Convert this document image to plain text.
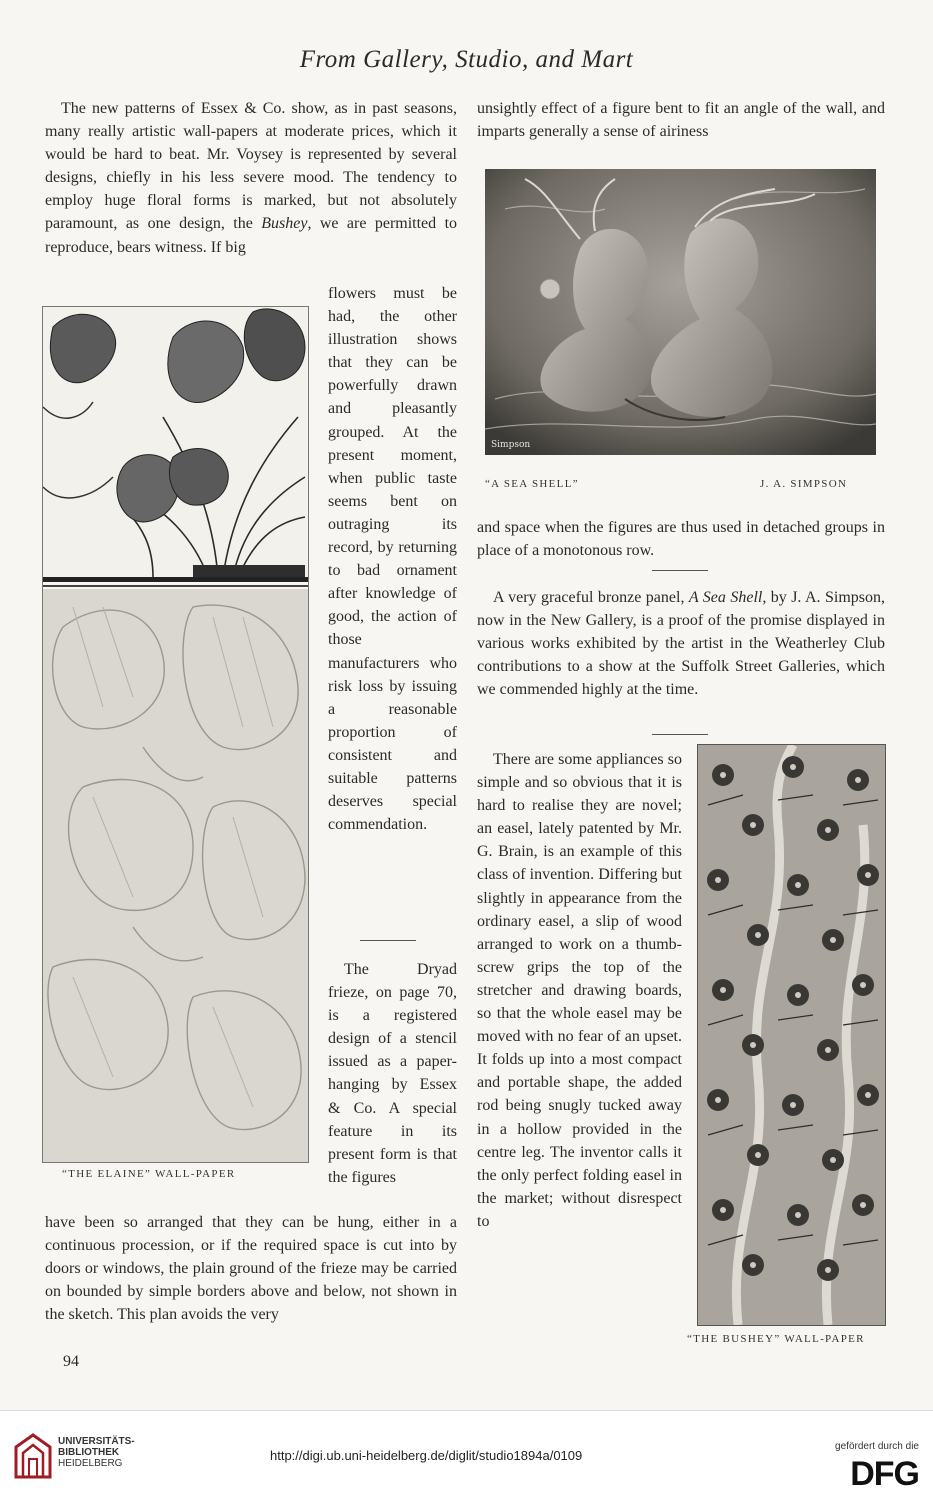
From Gallery, Studio, and Mart

The new patterns of Essex & Co. show, as in past seasons, many really artistic wall-papers at moderate prices, which it would be hard to beat. Mr. Voysey is represented by several designs, chiefly in his less severe mood. The tendency to employ huge floral forms is marked, but not absolutely paramount, as one design, the Bushey, we are permitted to reproduce, bears witness. If big

“THE ELAINE” WALL-PAPER

flowers must be had, the other illustration shows that they can be powerfully drawn and pleasantly grouped. At the present moment, when public taste seems bent on outraging its record, by returning to bad ornament after knowledge of good, the action of those manufacturers who risk loss by issuing a reasonable proportion of consistent and suitable patterns deserves special commendation.

The Dryad frieze, on page 70, is a registered design of a stencil issued as a paper-hanging by Essex & Co. A special feature in its present form is that the figures

have been so arranged that they can be hung, either in a continuous procession, or if the required space is cut into by doors or windows, the plain ground of the frieze may be carried on bounded by simple borders above and below, not shown in the sketch. This plan avoids the very

94

unsightly effect of a figure bent to fit an angle of the wall, and imparts generally a sense of airiness

Simpson
“A SEA SHELL”	J. A. SIMPSON

and space when the figures are thus used in detached groups in place of a monotonous row.

A very graceful bronze panel, A Sea Shell, by J. A. Simpson, now in the New Gallery, is a proof of the promise displayed in various works exhibited by the artist in the Weatherley Club contributions to a show at the Suffolk Street Galleries, which we commended highly at the time.

There are some appliances so simple and so obvious that it is hard to realise they are novel; an easel, lately patented by Mr. G. Brain, is an example of this class of invention. Differing but slightly in appearance from the ordinary easel, a slip of wood arranged to work on a thumb-screw grips the top of the stretcher and drawing boards, so that the whole easel may be moved with no fear of an upset. It folds up into a most compact and portable shape, the added rod being snugly tucked away in a hollow provided in the centre leg. The inventor calls it the only perfect folding easel in the market; without disrespect to

“THE BUSHEY” WALL-PAPER
UNIVERSITÄTS-
BIBLIOTHEK
HEIDELBERG
http://digi.ub.uni-heidelberg.de/diglit/studio1894a/0109
gefördert durch die
DFG
